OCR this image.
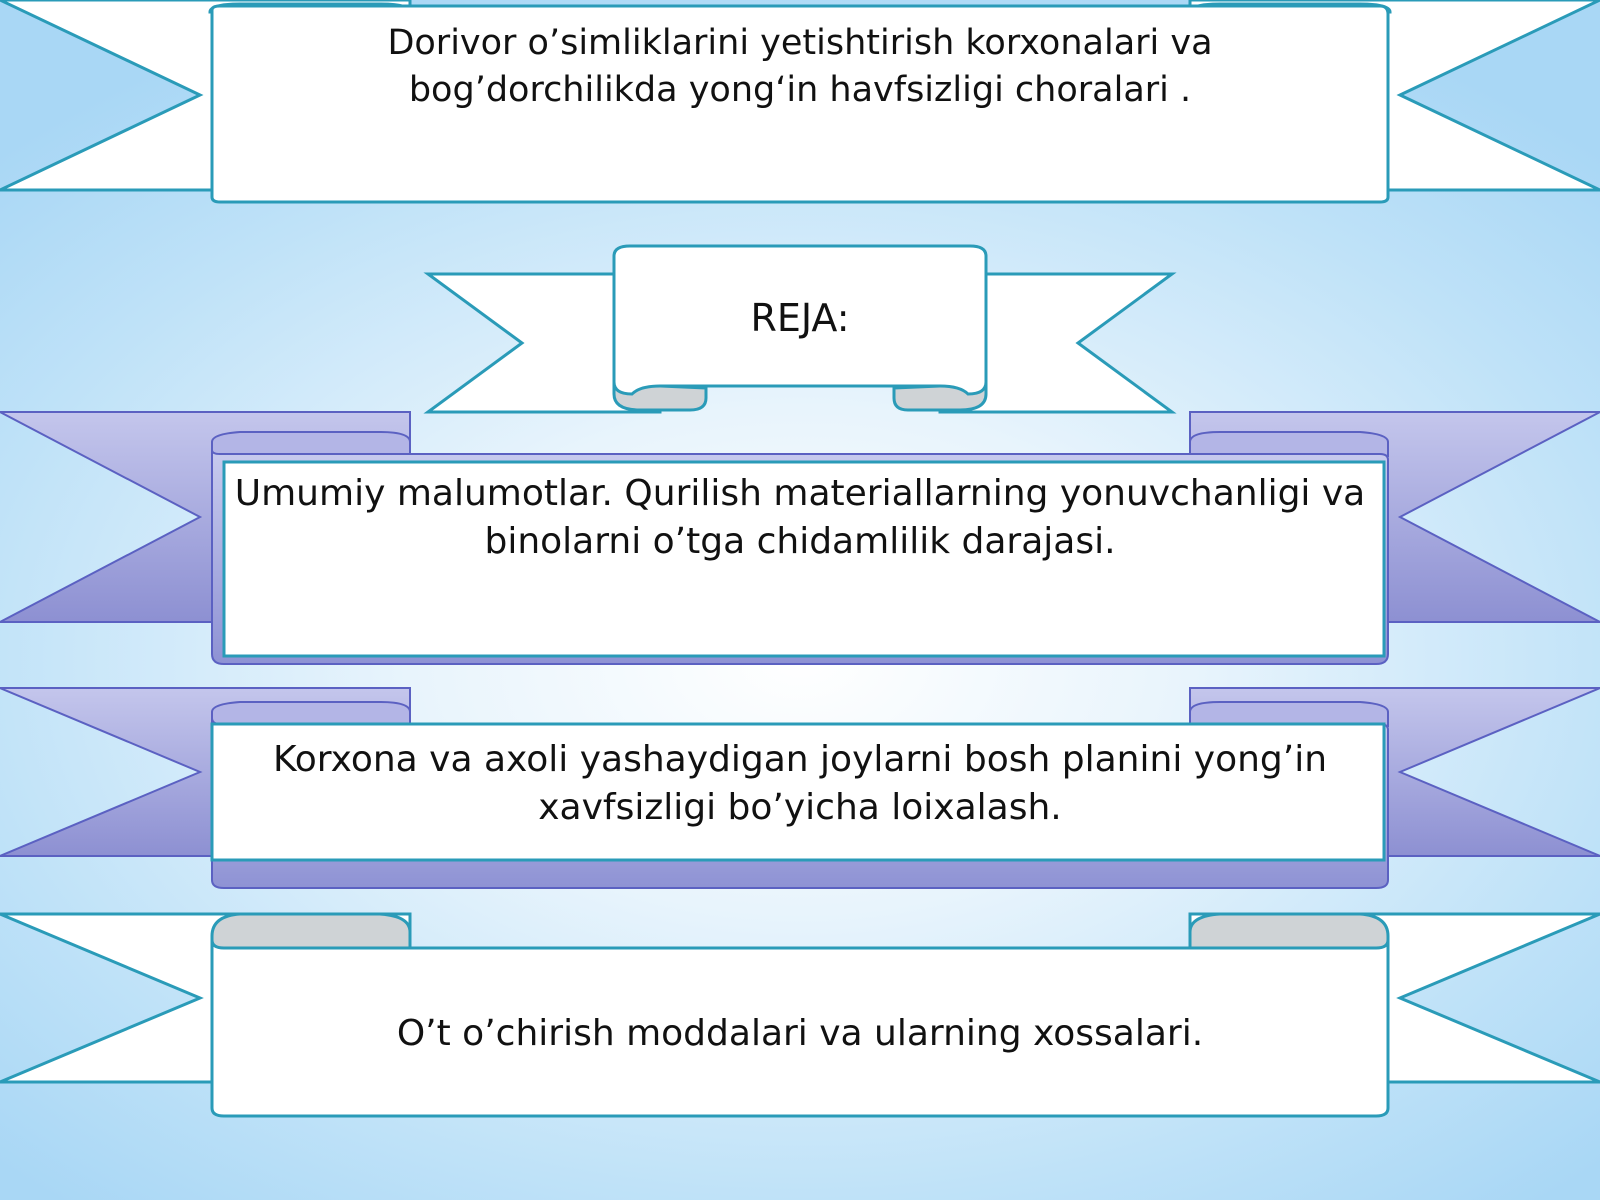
Dorivor o’simliklarini yetishtirish korxonalari va bog’dorchilikda yong‘in havfsizligi choralari .
REJA:
Umumiy malumotlar. Qurilish materiallarning yonuvchanligi va binolarni o’tga chidamlilik darajasi.
Korxona va axoli yashaydigan joylarni bosh planini yong’in xavfsizligi bo’yicha loixalash.
O’t o’chirish moddalari va ularning xossalari.
